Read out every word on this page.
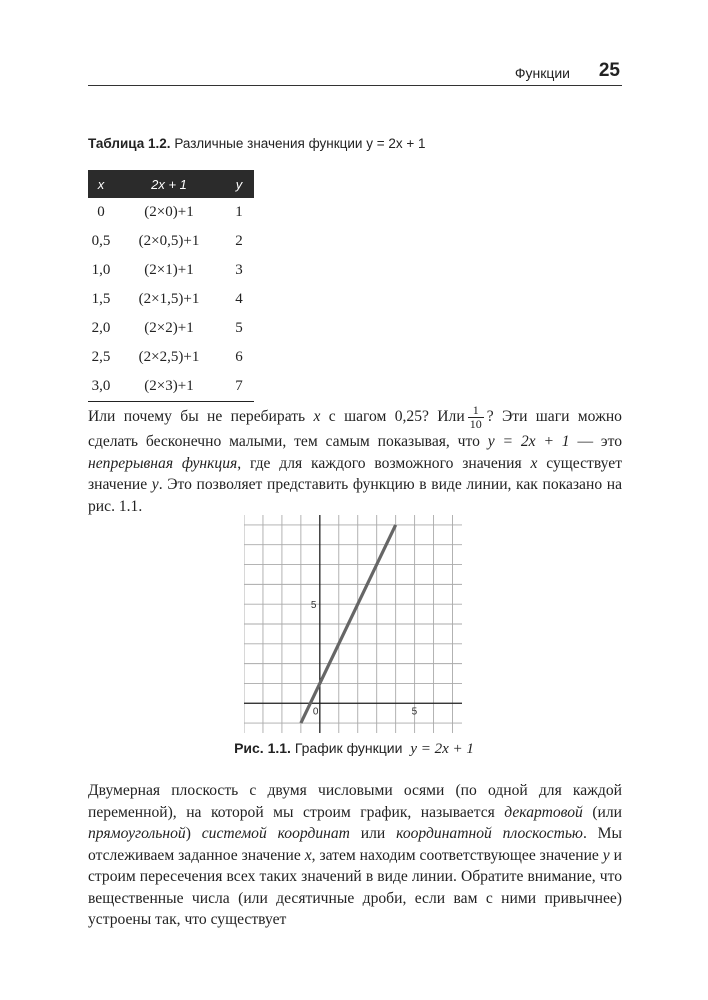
Функции 25
Таблица 1.2. Различные значения функции y = 2x + 1
x	2x + 1	y
0	(2×0)+1	1
0,5	(2×0,5)+1	2
1,0	(2×1)+1	3
1,5	(2×1,5)+1	4
2,0	(2×2)+1	5
2,5	(2×2,5)+1	6
3,0	(2×3)+1	7
Или почему бы не перебирать x с шагом 0,25? Или $\frac{1}{10}$ ? Эти шаги можно сделать бесконечно малыми, тем самым показывая, что y = 2x + 1 — это непрерывная функция, где для каждого возможного значения x существует значение y. Это позволяет представить функцию в виде линии, как показано на рис. 1.1.
0	5
5
Рис. 1.1. График функции y = 2x + 1
Двумерная плоскость с двумя числовыми осями (по одной для каждой переменной), на которой мы строим график, называется декартовой (или прямоугольной) системой координат или координатной плоскостью. Мы отслеживаем заданное значение x, затем находим соответствующее значение y и строим пересечения всех таких значений в виде линии. Обратите внимание, что вещественные числа (или десятичные дроби, если вам с ними привычнее) устроены так, что существует
